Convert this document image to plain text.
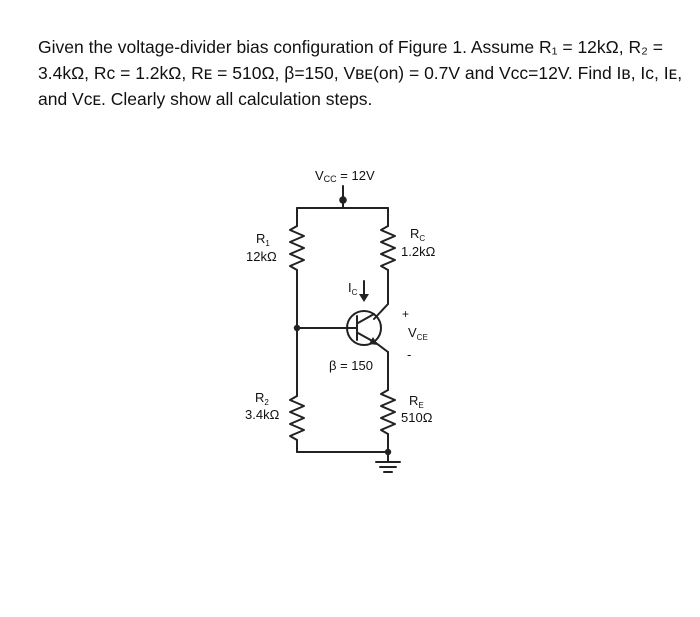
Given the voltage-divider bias configuration of Figure 1. Assume R₁ = 12kΩ, R₂ =
3.4kΩ, Rᴄ = 1.2kΩ, Rᴇ = 510Ω, β=150, Vʙᴇ(on) = 0.7V and Vᴄᴄ=12V. Find Iʙ, Iᴄ, Iᴇ,
and Vᴄᴇ. Clearly show all calculation steps.

VCC = 12V
$R_1$
12kΩ
$R_2$
3.4kΩ
$R_C$
1.2kΩ
$R_E$
510Ω
$I_C$
+
$V_{CE}$
-
β = 150
